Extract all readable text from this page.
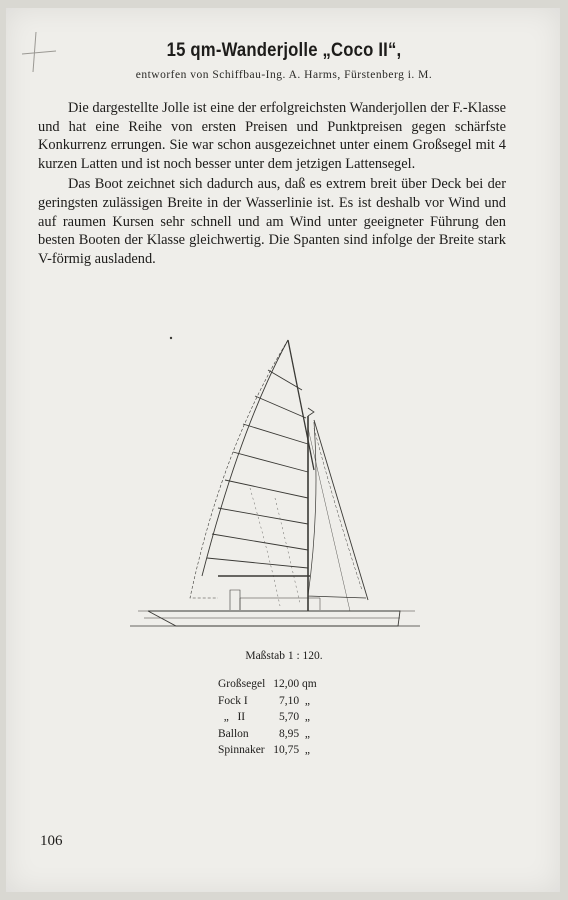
15 qm-Wanderjolle „Coco II“,
entworfen von Schiffbau-Ing. A. Harms, Fürstenberg i. M.

Die dargestellte Jolle ist eine der erfolgreichsten Wanderjollen der F.-Klasse und hat eine Reihe von ersten Preisen und Punktpreisen gegen schärfste Konkurrenz errungen. Sie war schon ausgezeichnet unter einem Großsegel mit 4 kurzen Latten und ist noch besser unter dem jetzigen Lattensegel.

Das Boot zeichnet sich dadurch aus, daß es extrem breit über Deck bei der geringsten zulässigen Breite in der Wasserlinie ist. Es ist deshalb vor Wind und auf raumen Kursen sehr schnell und am Wind unter geeigneter Führung den besten Booten der Klasse gleichwertig. Die Spanten sind infolge der Breite stark V-förmig ausladend.

Maßstab 1 : 120.
Großsegel	12,00 qm
Fock I	7,10  „
„   II	5,70  „
Ballon	8,95  „
Spinnaker	10,75  „
106
